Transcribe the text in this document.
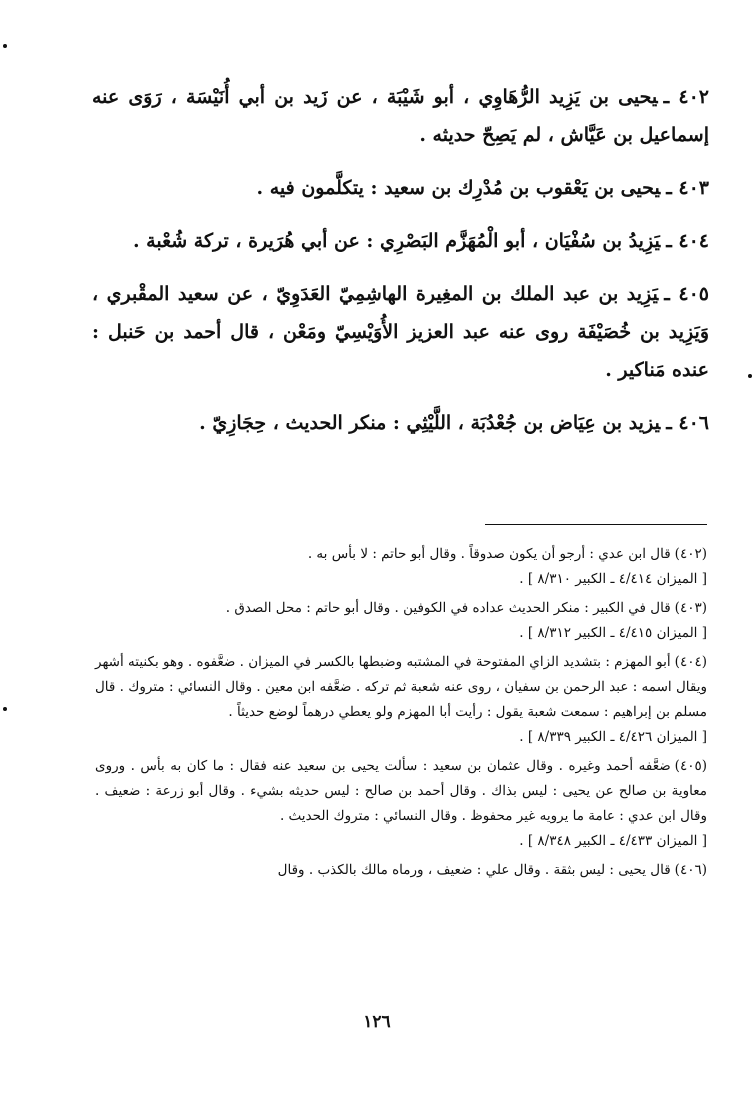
٤٠٢ ـيحيى بن يَزِيد الرُّهَاوِي ، أبو شَيْبَة ، عن زَيد بن أبي أُنَيْسَة ، رَوَى عنه إسماعيل بن عَيَّاش ، لم يَصِحّ حديثه .

٤٠٣ ـيحيى بن يَعْقوب بن مُدْرِك بن سعيد : يتكلَّمون فيه .

٤٠٤ ـيَزِيدُ بن سُفْيَان ، أبو الْمُهَزَّم البَصْرِي : عن أبي هُرَيرة ، تركة شُعْبة .

٤٠٥ ـيَزِيد بن عبد الملك بن المغِيرة الهاشِمِيّ العَدَوِيّ ، عن سعيد المقْبري ، وَيَزِيد بن خُصَيْفَة روى عنه عبد العزيز الأُوَيْسِيّ ومَعْن ، قال أحمد بن حَنبل : عنده مَناكير .

٤٠٦ ـيزيد بن عِيَاض بن جُعْدُبَة ، اللَّيْثِي : منكر الحديث ، حِجَازِيّ .

(٤٠٢)قال ابن عدي : أرجو أن يكون صدوقاً . وقال أبو حاتم : لا بأس به .
[ الميزان ٤/٤١٤ ـ الكبير ٨/٣١٠ ] .

(٤٠٣)قال في الكبير : منكر الحديث عداده في الكوفين . وقال أبو حاتم : محل الصدق .
[ الميزان ٤/٤١٥ ـ الكبير ٨/٣١٢ ] .

(٤٠٤)أبو المهزم : بتشديد الزاي المفتوحة في المشتبه وضبطها بالكسر في الميزان . ضعَّفوه . وهو بكنيته أشهر ويقال اسمه : عبد الرحمن بن سفيان ، روى عنه شعبة ثم تركه . ضعَّفه ابن معين . وقال النسائي : متروك . قال مسلم بن إبراهيم : سمعت شعبة يقول : رأيت أبا المهزم ولو يعطي درهماً لوضع حديثاً .
[ الميزان ٤/٤٢٦ ـ الكبير ٨/٣٣٩ ] .

(٤٠٥)ضعَّفه أحمد وغيره . وقال عثمان بن سعيد : سألت يحيى بن سعيد عنه فقال : ما كان به بأس . وروى معاوية بن صالح عن يحيى : ليس بذاك . وقال أحمد بن صالح : ليس حديثه بشيء . وقال أبو زرعة : ضعيف . وقال ابن عدي : عامة ما يرويه غير محفوظ . وقال النسائي : متروك الحديث .
[ الميزان ٤/٤٣٣ ـ الكبير ٨/٣٤٨ ] .

(٤٠٦)قال يحيى : ليس بثقة . وقال علي : ضعيف ، ورماه مالك بالكذب . وقال

١٢٦
